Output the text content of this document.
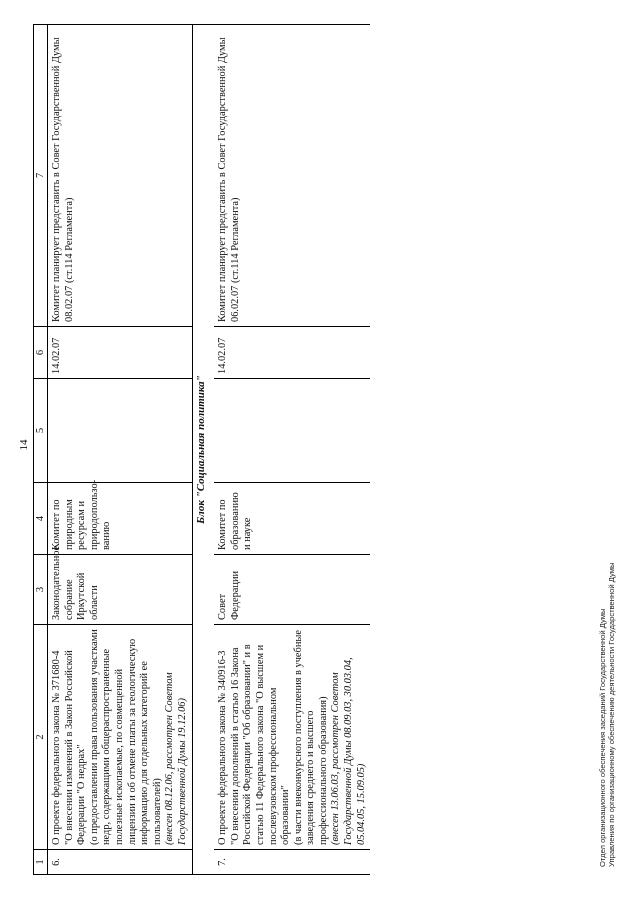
14
1	2	3	4	5	6	7
6.	О проекте федерального закона № 371680-4 "О внесении изменений в Закон Российской Федерации "О недрах" (о предоставлении права пользования участками недр, содержащими общераспространенные полезные ископаемые, по совмещенной лицензии и об отмене платы за геологическую информацию для отдельных категорий ее пользователей) (внесен 08.12.06, рассмотрен Советом Государственной Думы 19.12.06)	Законодательное собрание Иркутской области	Комитет по природным ресурсам и природопользо-ванию		14.02.07	Комитет планирует представить в Совет Государственной Думы 08.02.07 (ст.114 Регламента)
Блок "Социальная политика"						
7.	О проекте федерального закона № 340916-3 "О внесении дополнений в статью 16 Закона Российской Федерации "Об образовании" и в статью 11 Федерального закона "О высшем и послевузовском профессиональном образовании" (в части внеконкурсного поступления в учебные заведения среднего и высшего профессионального образования) (внесен 13.06.03, рассмотрен Советом Государственной Думы 08.09.03, 30.03.04, 05.04.05, 15.09.05)	Совет Федерации	Комитет по образованию и науке		14.02.07	Комитет планирует представить в Совет Государственной Думы 06.02.07 (ст.114 Регламента)
Отдел организационного обеспечения заседаний Государственной Думы Управления по организационному обеспечению деятельности Государственной Думы
